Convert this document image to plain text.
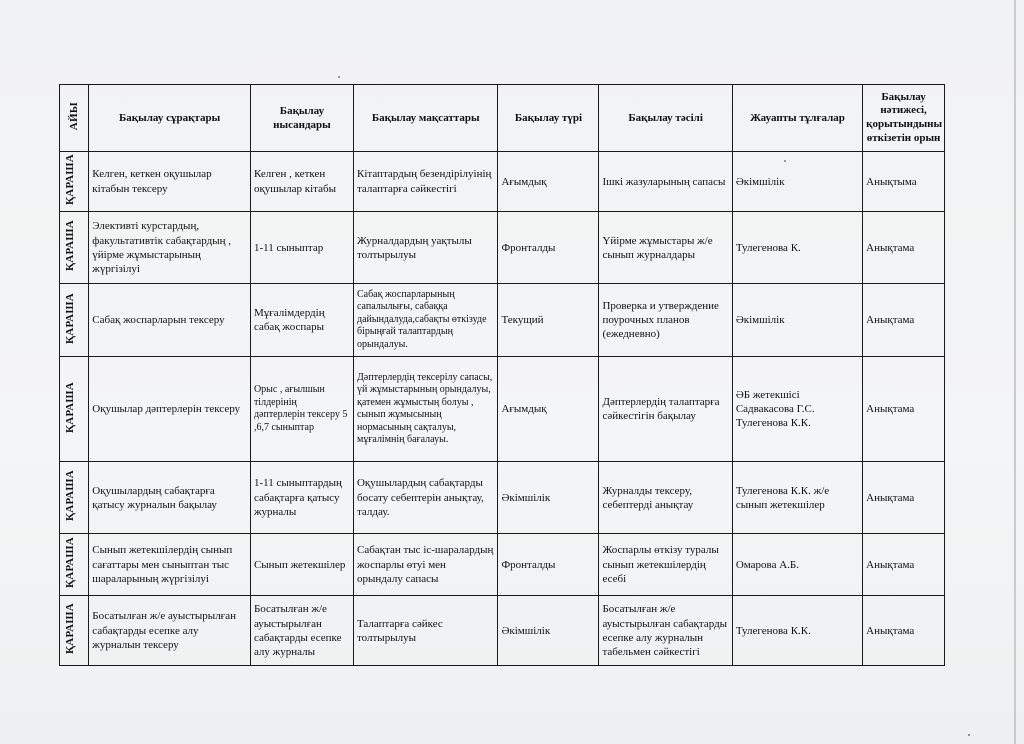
АЙЫ	Бақылау сұрақтары	Бақылау нысандары	Бақылау мақсаттары	Бақылау түрі	Бақылау тәсілі	Жауапты тұлғалар	Бақылау нәтижесі, қорытындыны өткізетін орын
ҚАРАША	Келген, кеткен оқушылар кітабын тексеру	Келген , кеткен оқушылар кітабы	Кітаптардың безендірілуінің талаптарға сәйкестігі	Ағымдық	Ішкі жазуларының сапасы	Әкімшілік	Анықтыма
ҚАРАША	Элективті курстардың, факультативтік сабақтардың , үйірме жұмыстарының жүргізілуі	1-11 сыныптар	Журналдардың уақтылы толтырылуы	Фронталды	Үйірме жұмыстары ж/е сынып журналдары	Тулегенова К.	Анықтама
ҚАРАША	Сабақ жоспарларын тексеру	Мұғалімдердің сабақ жоспары	Сабақ жоспарларының сапалылығы, сабаққа дайындалуда,сабақты өткізуде бірыңғай талаптардың орындалуы.	Текущий	Проверка и утверждение поурочных планов (ежедневно)	Әкімшілік	Анықтама
ҚАРАША	Оқушылар дәптерлерін тексеру	Орыс , ағылшын тілдерінің дәптерлерін тексеру 5 ,6,7 сыныптар	Дәптерлердің тексерілу сапасы, үй жұмыстарының орындалуы, қатемен жұмыстың болуы , сынып жұмысының нормасының сақталуы, мұғалімнің бағалауы.	Ағымдық	Дәптерлердің талаптарға сәйкестігін бақылау	ӘБ жетекшісі Садвакасова Г.С. Тулегенова К.К.	Анықтама
ҚАРАША	Оқушылардың сабақтарға қатысу журналын бақылау	1-11 сыныптардың сабақтарға қатысу журналы	Оқушылардың сабақтарды босату себептерін анықтау, талдау.	Әкімшілік	Журналды тексеру, себептерді анықтау	Тулегенова К.К. ж/е сынып жетекшілер	Анықтама
ҚАРАША	Сынып жетекшілердің сынып сағаттары мен сыныптан тыс шараларының жүргізілуі	Сынып жетекшілер	Сабақтан тыс іс-шаралардың жоспарлы өтуі мен орындалу сапасы	Фронталды	Жоспарлы өткізу туралы сынып жетекшілердің есебі	Омарова А.Б.	Анықтама
ҚАРАША	Босатылған ж/е ауыстырылған сабақтарды есепке алу журналын тексеру	Босатылған ж/е ауыстырылған сабақтарды есепке алу журналы	Талаптарға сәйкес толтырылуы	Әкімшілік	Босатылған ж/е ауыстырылған сабақтарды есепке алу журналын табельмен сәйкестігі	Тулегенова К.К.	Анықтама
